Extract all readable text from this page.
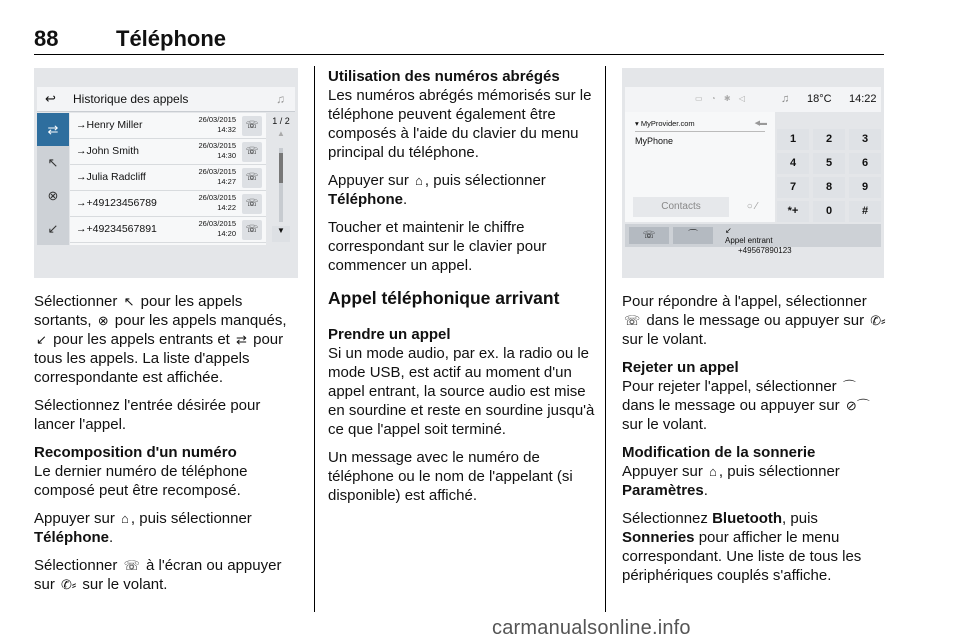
88	Téléphone
↩ Historique des appels	♫
⇄
↖
⊗
↙
→Henry Miller	26/03/2015
14:32 ☏
→John Smith	26/03/2015
14:30 ☏
→Julia Radcliff	26/03/2015
14:27 ☏
→+49123456789	26/03/2015
14:22 ☏
→+49234567891	26/03/2015
14:20 ☏
1 / 2
▲
▼
▭ ◔ ✱ ◁	♫ 18°C 14:22
▾ MyProvider.com	◀▬
MyPhone
Contacts	○ ⁄
1	2	3
4	5	6
7	8	9
*+	0	#
☏	⌒	↙
Appel entrant
+49567890123

Sélectionner ↖ pour les appels sortants, ⊗ pour les appels manqués, ↙ pour les appels entrants et ⇄ pour tous les appels. La liste d'appels correspondante est affichée.

Sélectionnez l'entrée désirée pour lancer l'appel.

Recomposition d'un numéro

Le dernier numéro de téléphone composé peut être recomposé.

Appuyer sur ⌂ , puis sélectionner Téléphone.

Sélectionner ☏ à l'écran ou appuyer sur ✆⸗ sur le volant.

Utilisation des numéros abrégés

Les numéros abrégés mémorisés sur le téléphone peuvent également être composés à l'aide du clavier du menu principal du téléphone.

Appuyer sur ⌂ , puis sélectionner Téléphone.

Toucher et maintenir le chiffre correspondant sur le clavier pour commencer un appel.

Appel téléphonique arrivant
Prendre un appel

Si un mode audio, par ex. la radio ou le mode USB, est actif au moment d'un appel entrant, la source audio est mise en sourdine et reste en sourdine jusqu'à ce que l'appel soit terminé.

Un message avec le numéro de téléphone ou le nom de l'appelant (si disponible) est affiché.

Pour répondre à l'appel, sélectionner ☏ dans le message ou appuyer sur ✆⸗ sur le volant.

Rejeter un appel

Pour rejeter l'appel, sélectionner ⌒ dans le message ou appuyer sur ⊘⌒ sur le volant.

Modification de la sonnerie

Appuyer sur ⌂ , puis sélectionner Paramètres.

Sélectionnez Bluetooth, puis Sonneries pour afficher le menu correspondant. Une liste de tous les périphériques couplés s'affiche.

carmanualsonline.info
